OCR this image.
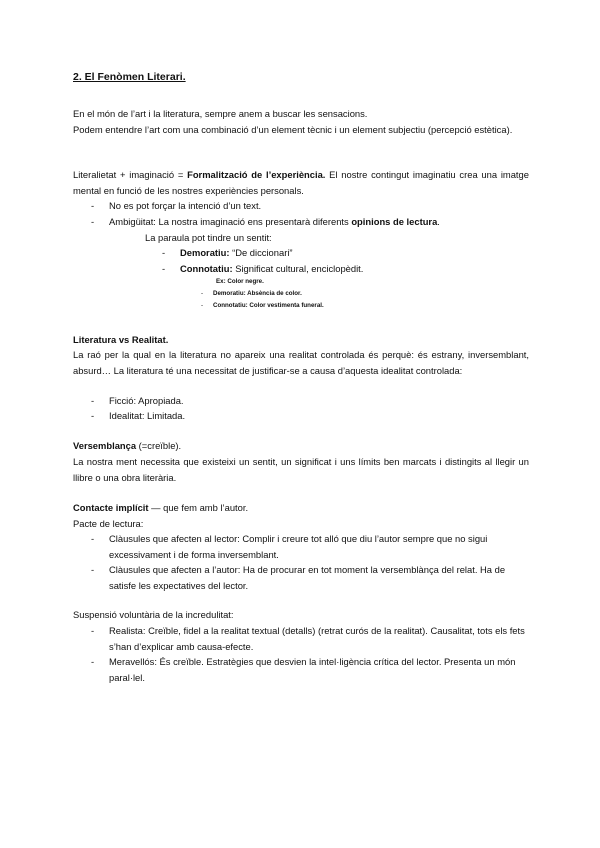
2. El Fenòmen Literari.

En el món de l’art i la literatura, sempre anem a buscar les sensacions.

Podem entendre l’art com una combinació d’un element tècnic i un element subjectiu (percepció estètica).

Literalietat + imaginació = Formalització de l’experiència. El nostre contingut imaginatiu crea una imatge mental en funció de les nostres experiències personals.

- No es pot forçar la intenció d’un text.

- Ambigüitat: La nostra imaginació ens presentarà diferents opinions de lectura.

La paraula pot tindre un sentit:

- Demoratiu: “De diccionari”

- Connotatiu: Significat cultural, enciclopèdit.

Ex: Color negre.

- Demoratiu: Absència de color.

- Connotatiu: Color vestimenta funeral.

Literatura vs Realitat.

La raó per la qual en la literatura no apareix una realitat controlada és perquè: és estrany, inversemblant, absurd… La literatura té una necessitat de justificar-se a causa d’aquesta idealitat controlada:

- Ficció: Apropiada.

- Idealitat: Limitada.

Versemblança (=creïble).

La nostra ment necessita que existeixi un sentit, un significat i uns límits ben marcats i distingits al llegir un llibre o una obra literària.

Contacte implícit — que fem amb l’autor.

Pacte de lectura:

- Clàusules que afecten al lector: Complir i creure tot alló que diu l’autor sempre que no sigui excessivament i de forma inversemblant.

- Clàusules que afecten a l’autor: Ha de procurar en tot moment la versemblànça del relat. Ha de satisfe les expectatives del lector.

Suspensió voluntària de la incredulitat:

- Realista: Creïble, fidel a la realitat textual (detalls) (retrat curós de la realitat). Causalitat, tots els fets s’han d’explicar amb causa-efecte.

- Meravellós: És creïble. Estratègies que desvien la intel·ligència crítica del lector. Presenta un món paral·lel.
